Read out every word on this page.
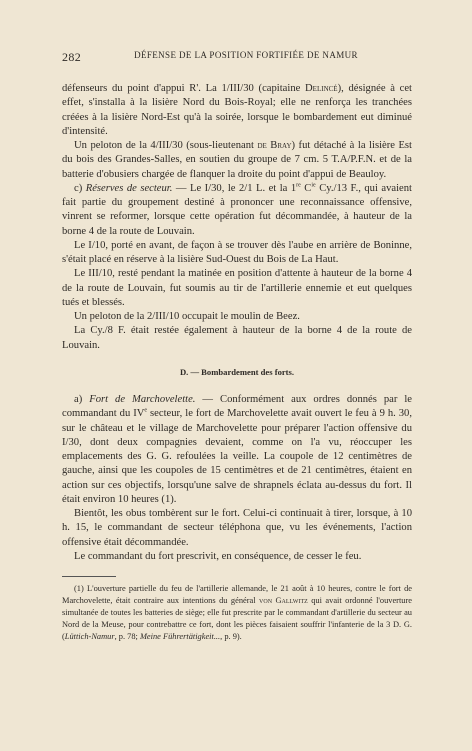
282	DÉFENSE DE LA POSITION FORTIFIÉE DE NAMUR

défenseurs du point d'appui R'. La 1/III/30 (capitaine Delincé), désignée à cet effet, s'installa à la lisière Nord du Bois-Royal; elle ne renforça les tranchées créées à la lisière Nord-Est qu'à la soirée, lorsque le bombardement eut diminué d'intensité.

Un peloton de la 4/III/30 (sous-lieutenant de Bray) fut détaché à la lisière Est du bois des Grandes-Salles, en soutien du groupe de 7 cm. 5 T.A/P.F.N. et de la batterie d'obusiers chargée de flanquer la droite du point d'appui de Beauloy.

c) Réserves de secteur. — Le I/30, le 2/1 L. et la 1re $C^{ie}$ Cy./13 F., qui avaient fait partie du groupement destiné à prononcer une reconnaissance offensive, vinrent se reformer, lorsque cette opération fut décommandée, à hauteur de la borne 4 de la route de Louvain.

Le I/10, porté en avant, de façon à se trouver dès l'aube en arrière de Boninne, s'était placé en réserve à la lisière Sud-Ouest du Bois de La Haut.

Le III/10, resté pendant la matinée en position d'attente à hauteur de la borne 4 de la route de Louvain, fut soumis au tir de l'artillerie ennemie et eut quelques tués et blessés.

Un peloton de la 2/III/10 occupait le moulin de Beez.

La Cy./8 F. était restée également à hauteur de la borne 4 de la route de Louvain.

D. — Bombardement des forts.

a) Fort de Marchovelette. — Conformément aux ordres donnés par le commandant du IVe secteur, le fort de Marchovelette avait ouvert le feu à 9 h. 30, sur le château et le village de Marchovelette pour préparer l'action offensive du I/30, dont deux compagnies devaient, comme on l'a vu, réoccuper les emplacements des G. G. refoulées la veille. La coupole de 12 centimètres de gauche, ainsi que les coupoles de 15 centimètres et de 21 centimètres, étaient en action sur ces objectifs, lorsqu'une salve de shrapnels éclata au-dessus du fort. Il était environ 10 heures (1).

Bientôt, les obus tombèrent sur le fort. Celui-ci continuait à tirer, lorsque, à 10 h. 15, le commandant de secteur téléphona que, vu les événements, l'action offensive était décommandée.

Le commandant du fort prescrivit, en conséquence, de cesser le feu.

(1) L'ouverture partielle du feu de l'artillerie allemande, le 21 août à 10 heures, contre le fort de Marchovelette, était contraire aux intentions du général von Gallwitz qui avait ordonné l'ouverture simultanée de toutes les batteries de siège; elle fut prescrite par le commandant d'artillerie du secteur au Nord de la Meuse, pour contrebattre ce fort, dont les pièces faisaient souffrir l'infanterie de la 3 D. G. (Lüttich-Namur, p. 78; Meine Führertätigkeit..., p. 9).
